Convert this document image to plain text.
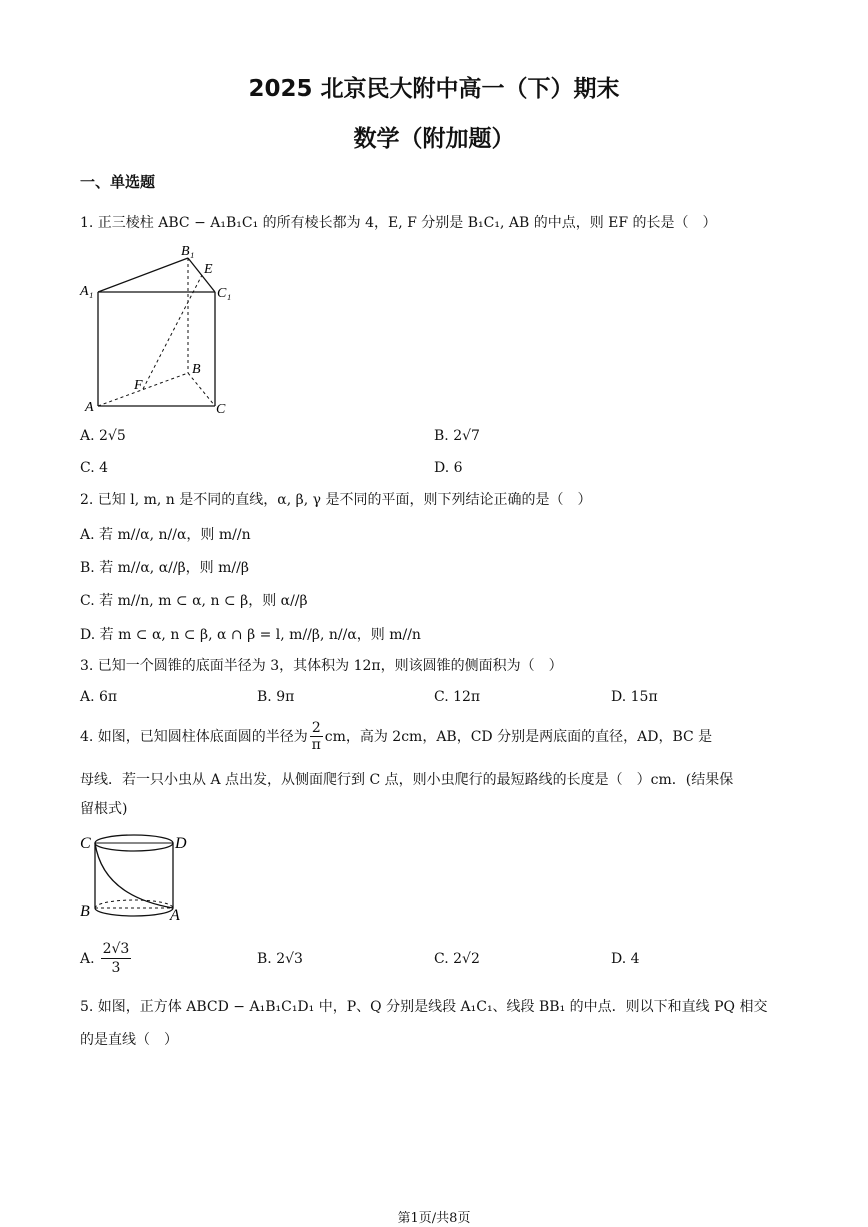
2025 北京民大附中高一（下）期末
数学（附加题）
一、单选题
1. 正三棱柱 ABC − A₁B₁C₁ 的所有棱长都为 4，E, F 分别是 B₁C₁, AB 的中点，则 EF 的长是（　）
A₁
B₁
C₁
E
B
F
A	C
A. 2√5	B. 2√7
C. 4	D. 6
2. 已知 l, m, n 是不同的直线，α, β, γ 是不同的平面，则下列结论正确的是（　）
A. 若 m//α, n//α，则 m//n
B. 若 m//α, α//β，则 m//β
C. 若 m//n, m ⊂ α, n ⊂ β，则 α//β
D. 若 m ⊂ α, n ⊂ β, α ∩ β = l, m//β, n//α，则 m//n
3. 已知一个圆锥的底面半径为 3，其体积为 12π，则该圆锥的侧面积为（　）
A. 6π	B. 9π	C. 12π	D. 15π
4. 如图，已知圆柱体底面圆的半径为 $\frac{2}{\pi}$ cm，高为 2cm，AB，CD 分别是两底面的直径，AD，BC 是
母线．若一只小虫从 A 点出发，从侧面爬行到 C 点，则小虫爬行的最短路线的长度是（　）cm．(结果保
留根式)
C	D
B	A
A. $\frac{2√3}{3}$	B. 2√3	C. 2√2	D. 4
5. 如图，正方体 ABCD − A₁B₁C₁D₁ 中，P、Q 分别是线段 A₁C₁、线段 BB₁ 的中点．则以下和直线 PQ 相交
的是直线（　）
第1页/共8页
